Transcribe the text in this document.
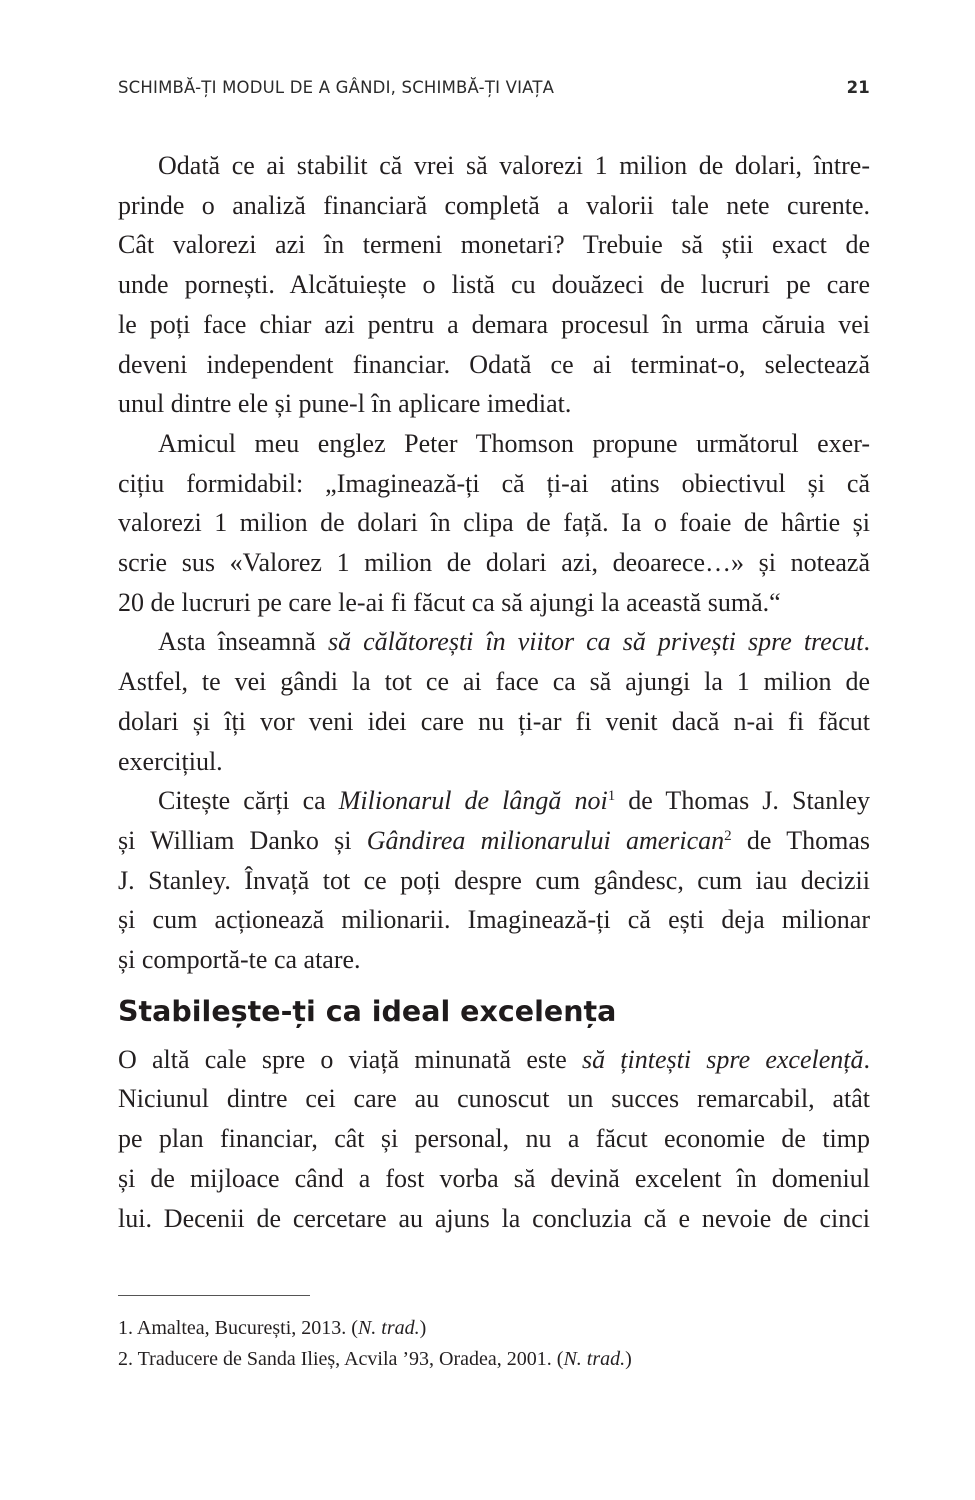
SCHIMBĂ-ȚI MODUL DE A GÂNDI, SCHIMBĂ-ȚI VIAȚA	21
Odată ce ai stabilit că vrei să valorezi 1 milion de dolari, între-
prinde o analiză financiară completă a valorii tale nete curente.
Cât valorezi azi în termeni monetari? Trebuie să știi exact de
unde pornești. Alcătuiește o listă cu douăzeci de lucruri pe care
le poți face chiar azi pentru a demara procesul în urma căruia vei
deveni independent financiar. Odată ce ai terminat-o, selectează
unul dintre ele și pune-l în aplicare imediat.
Amicul meu englez Peter Thomson propune următorul exer-
cițiu formidabil: „Imaginează-ți că ți-ai atins obiectivul și că
valorezi 1 milion de dolari în clipa de față. Ia o foaie de hârtie și
scrie sus «Valorez 1 milion de dolari azi, deoarece…» și notează
20 de lucruri pe care le-ai fi făcut ca să ajungi la această sumă.“
Asta înseamnă să călătorești în viitor ca să privești spre trecut.
Astfel, te vei gândi la tot ce ai face ca să ajungi la 1 milion de
dolari și îți vor veni idei care nu ți-ar fi venit dacă n-ai fi făcut
exercițiul.
Citește cărți ca Milionarul de lângă noi$^1$ de Thomas J. Stanley
și William Danko și Gândirea milionarului american$^2$ de Thomas
J. Stanley. Învață tot ce poți despre cum gândesc, cum iau decizii
și cum acționează milionarii. Imaginează-ți că ești deja milionar
și comportă-te ca atare.
Stabilește-ți ca ideal excelența
O altă cale spre o viață minunată este să țintești spre excelență.
Niciunul dintre cei care au cunoscut un succes remarcabil, atât
pe plan financiar, cât și personal, nu a făcut economie de timp
și de mijloace când a fost vorba să devină excelent în domeniul
lui. Decenii de cercetare au ajuns la concluzia că e nevoie de cinci
1. Amaltea, București, 2013. (N. trad.)
2. Traducere de Sanda Ilieș, Acvila ’93, Oradea, 2001. (N. trad.)
